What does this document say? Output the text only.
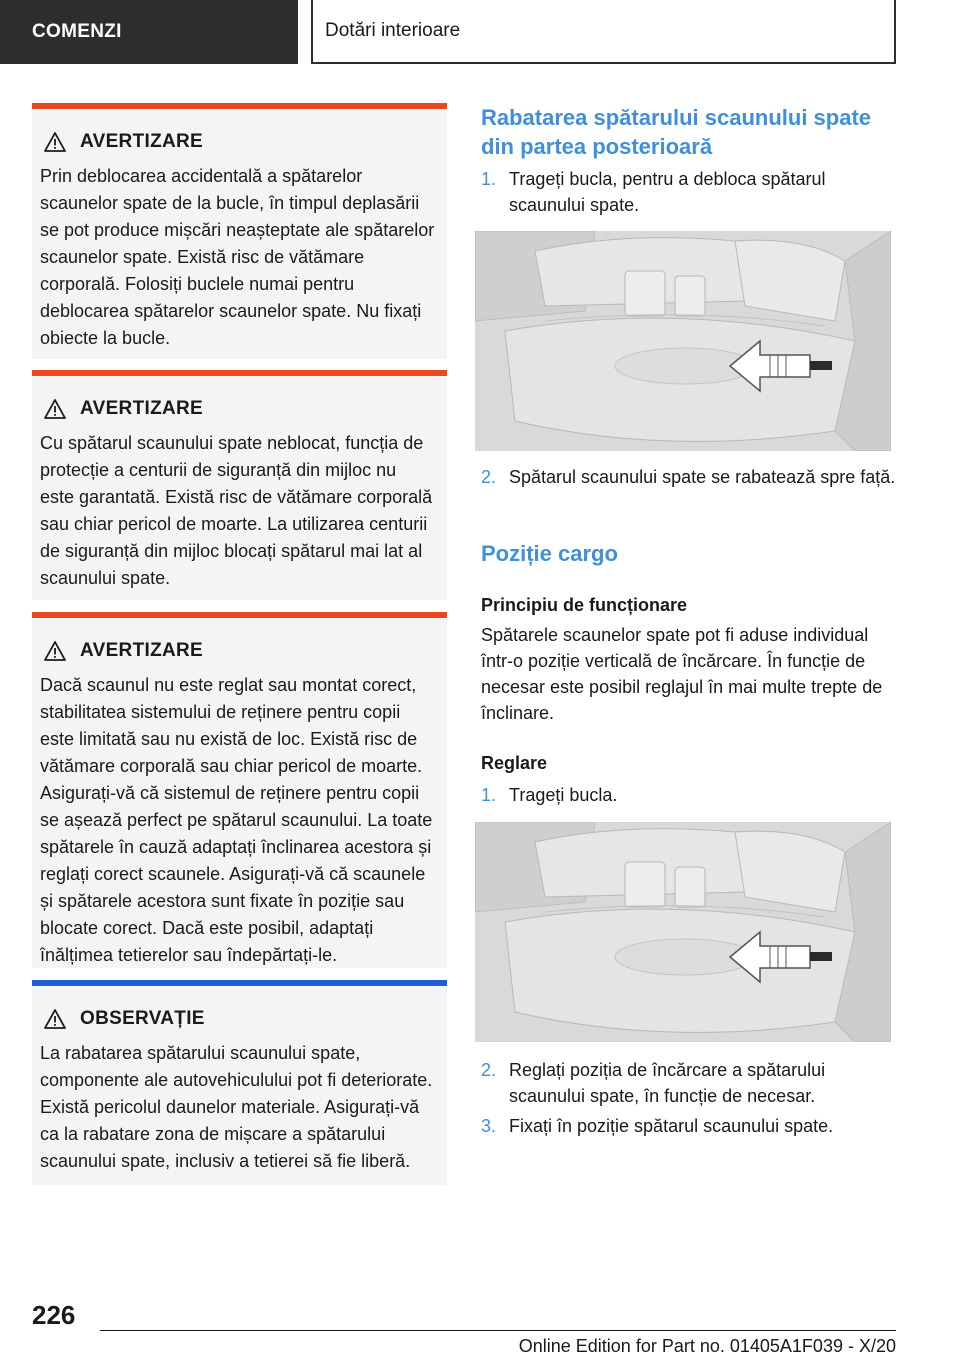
COMENZI	Dotări interioare
AVERTIZARE
Prin deblocarea accidentală a spătarelor scaunelor spate de la bucle, în timpul deplasării se pot produce mișcări neașteptate ale spătarelor scaunelor spate. Există risc de vătămare corporală. Folosiți buclele numai pentru deblocarea spătarelor scaunelor spate. Nu fixați obiecte la bucle.
AVERTIZARE
Cu spătarul scaunului spate neblocat, funcția de protecție a centurii de siguranță din mijloc nu este garantată. Există risc de vătămare corporală sau chiar pericol de moarte. La utilizarea centurii de siguranță din mijloc blocați spătarul mai lat al scaunului spate.
AVERTIZARE
Dacă scaunul nu este reglat sau montat corect, stabilitatea sistemului de reținere pentru copii este limitată sau nu există de loc. Există risc de vătămare corporală sau chiar pericol de moarte. Asigurați-vă că sistemul de reținere pentru copii se așează perfect pe spătarul scaunului. La toate spătarele în cauză adaptați înclinarea acestora și reglați corect scaunele. Asigurați-vă că scaunele și spătarele acestora sunt fixate în poziție sau blocate corect. Dacă este posibil, adaptați înălțimea tetierelor sau îndepărtați-le.
OBSERVAȚIE
La rabatarea spătarului scaunului spate, componente ale autovehiculului pot fi deteriorate. Există pericolul daunelor materiale. Asigurați-vă ca la rabatare zona de mișcare a spătarului scaunului spate, inclusiv a tetierei să fie liberă.
Rabatarea spătarului scaunului spate din partea posterioară
1. Trageți bucla, pentru a debloca spătarul scaunului spate.
2. Spătarul scaunului spate se rabatează spre față.
Poziție cargo
Principiu de funcționare
Spătarele scaunelor spate pot fi aduse individual într-o poziție verticală de încărcare. În funcție de necesar este posibil reglajul în mai multe trepte de înclinare.
Reglare
1. Trageți bucla.
2. Reglați poziția de încărcare a spătarului scaunului spate, în funcție de necesar.
3. Fixați în poziție spătarul scaunului spate.
226
Online Edition for Part no. 01405A1F039 - X/20
